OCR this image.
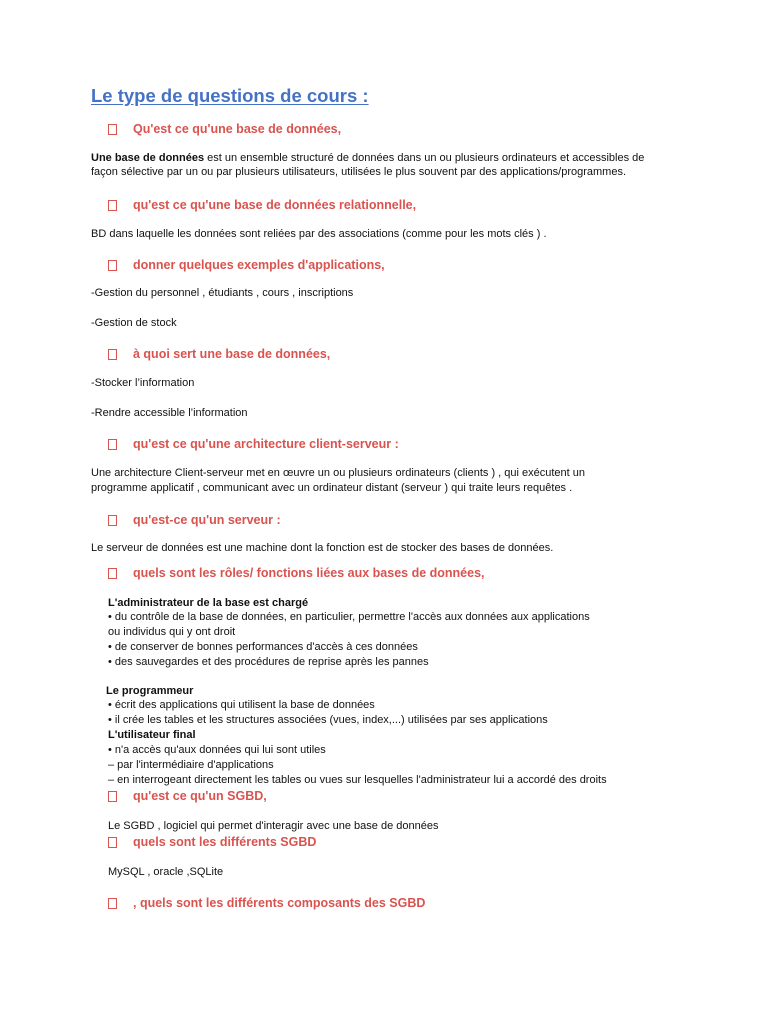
Le type de questions de cours :
Qu'est ce qu'une base de données,
Une base de données est un ensemble structuré de données dans un ou plusieurs ordinateurs et accessibles de
façon sélective par un ou par plusieurs utilisateurs, utilisées le plus souvent par des applications/programmes.
qu'est ce qu'une base de données relationnelle,
BD dans laquelle les données sont reliées par des associations (comme pour les mots clés ) .
donner quelques exemples d'applications,
-Gestion du personnel , étudiants , cours , inscriptions
-Gestion de stock
à quoi sert une base de données,
-Stocker l’information
-Rendre accessible l’information
qu'est ce qu'une architecture client-serveur :
Une architecture Client-serveur met en œuvre un ou plusieurs ordinateurs (clients ) , qui exécutent un
programme applicatif , communicant avec un ordinateur distant (serveur ) qui traite leurs requêtes .
qu'est-ce qu'un serveur :
Le serveur de données est une machine dont la fonction est de stocker des bases de données.
quels sont les rôles/ fonctions liées aux bases de données,
L'administrateur de la base est chargé
• du contrôle de la base de données, en particulier, permettre l'accès aux données aux applications
ou individus qui y ont droit
• de conserver de bonnes performances d'accès à ces données
• des sauvegardes et des procédures de reprise après les pannes
Le programmeur
• écrit des applications qui utilisent la base de données
• il crée les tables et les structures associées (vues, index,...) utilisées par ses applications
L'utilisateur final
• n'a accès qu'aux données qui lui sont utiles
– par l'intermédiaire d'applications
– en interrogeant directement les tables ou vues sur lesquelles l'administrateur lui a accordé des droits
qu'est ce qu'un SGBD,
Le SGBD , logiciel qui permet d'interagir avec une base de données
quels sont les différents SGBD
MySQL , oracle ,SQLite
, quels sont les différents composants des SGBD
